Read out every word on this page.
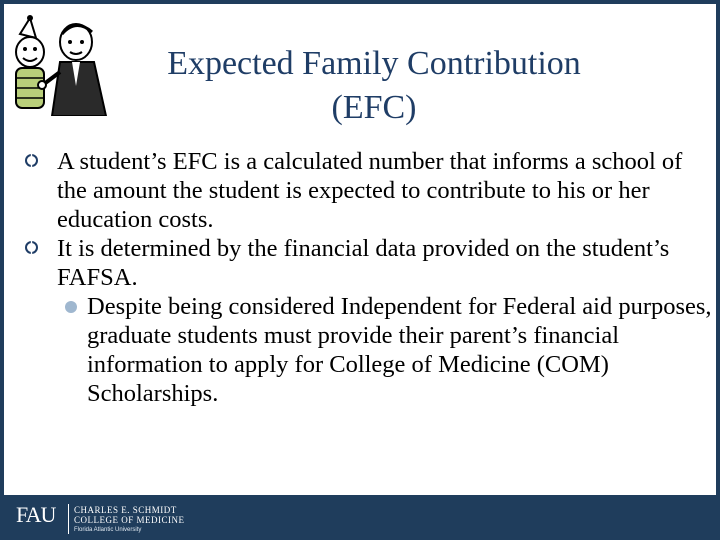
Expected Family Contribution
(EFC)
A student’s EFC is a calculated number that informs a school of the amount the student is expected to contribute to his or her education costs.
It is determined by the financial data provided on the student’s FAFSA.
Despite being considered Independent for Federal aid purposes, graduate students must provide their parent’s financial information to apply for College of Medicine (COM) Scholarships.
FAU CHARLES E. SCHMIDT
COLLEGE OF MEDICINE
Florida Atlantic University
